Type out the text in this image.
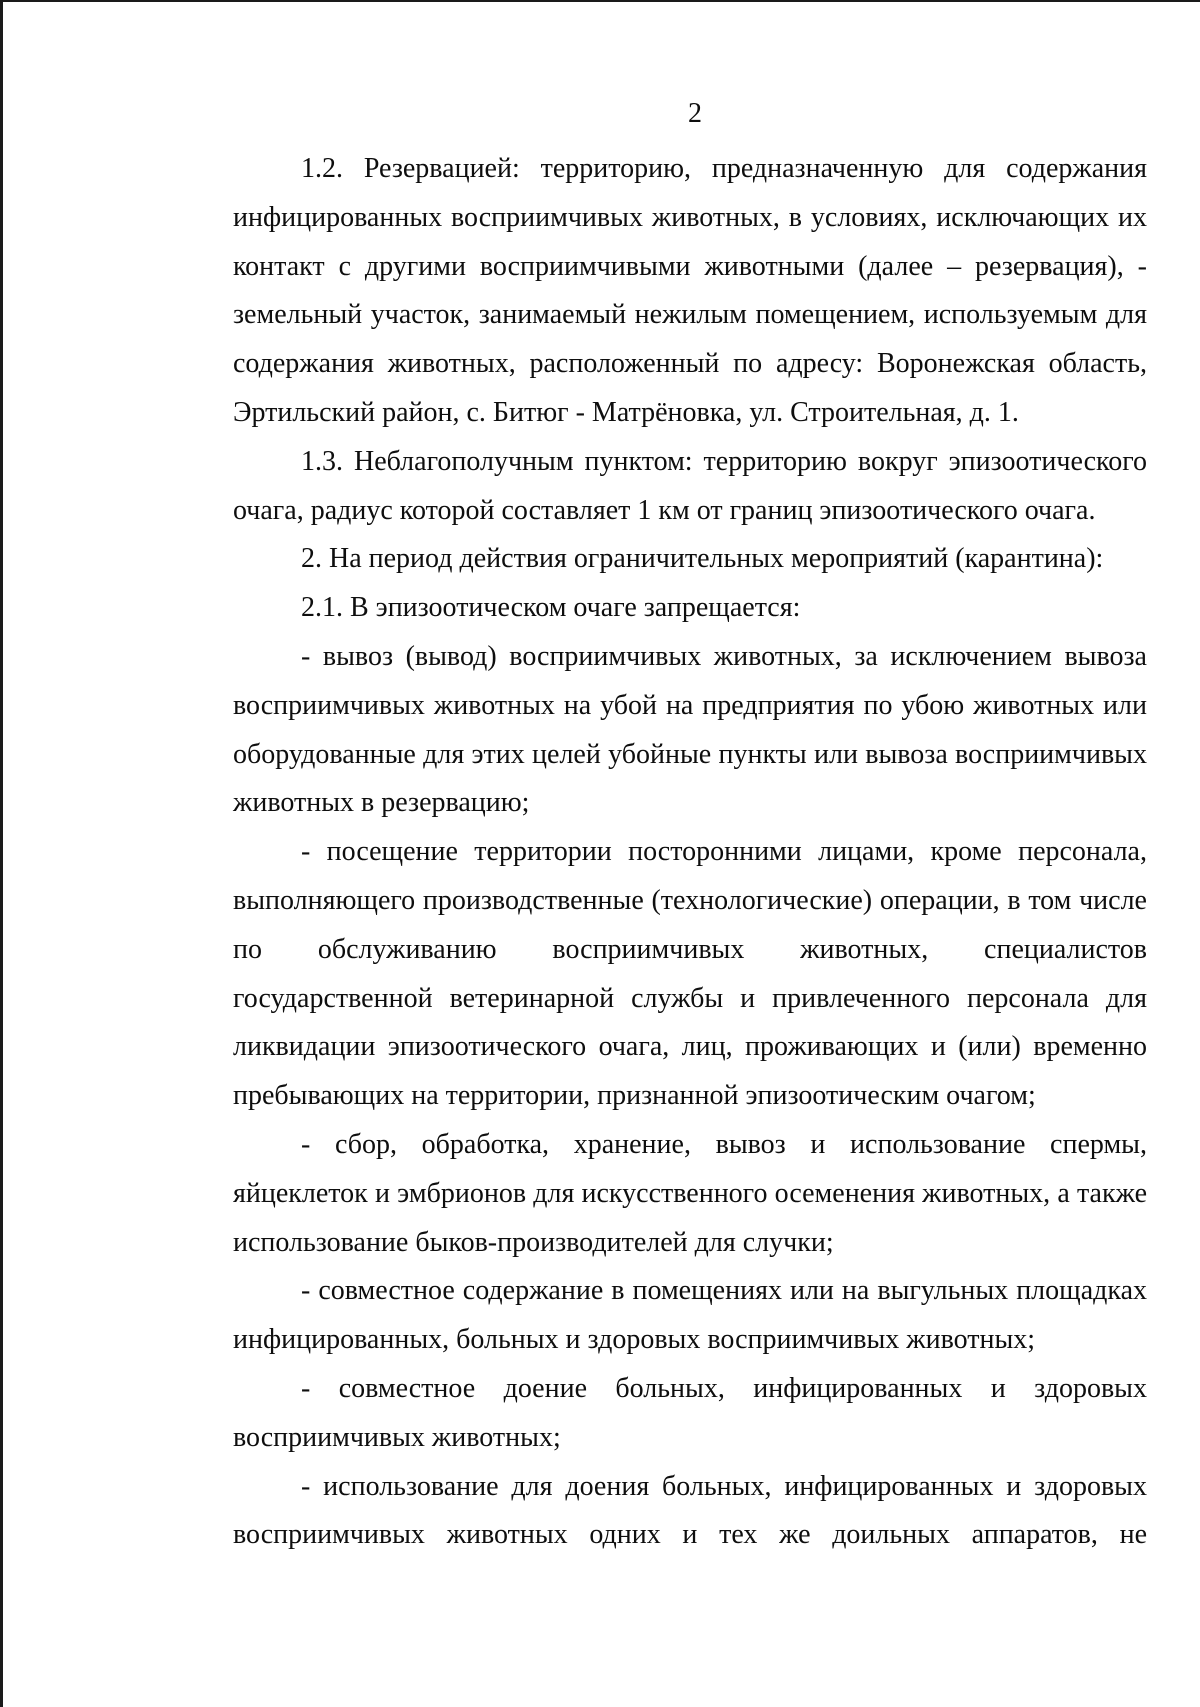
2

1.2. Резервацией: территорию, предназначенную для содержания инфицированных восприимчивых животных, в условиях, исключающих их контакт с другими восприимчивыми животными (далее – резервация), - земельный участок, занимаемый нежилым помещением, используемым для содержания животных, расположенный по адресу: Воронежская область, Эртильский район, с. Битюг - Матрёновка, ул. Строительная, д. 1.

1.3. Неблагополучным пунктом: территорию вокруг эпизоотического очага, радиус которой составляет 1 км от границ эпизоотического очага.

2. На период действия ограничительных мероприятий (карантина):

2.1. В эпизоотическом очаге запрещается:

- вывоз (вывод) восприимчивых животных, за исключением вывоза восприимчивых животных на убой на предприятия по убою животных или оборудованные для этих целей убойные пункты или вывоза восприимчивых животных в резервацию;

- посещение территории посторонними лицами, кроме персонала, выполняющего производственные (технологические) операции, в том числе по обслуживанию восприимчивых животных, специалистов государственной ветеринарной службы и привлеченного персонала для ликвидации эпизоотического очага, лиц, проживающих и (или) временно пребывающих на территории, признанной эпизоотическим очагом;

- сбор, обработка, хранение, вывоз и использование спермы, яйцеклеток и эмбрионов для искусственного осеменения животных, а также использование быков-производителей для случки;

- совместное содержание в помещениях или на выгульных площадках инфицированных, больных и здоровых восприимчивых животных;

- совместное доение больных, инфицированных и здоровых восприимчивых животных;

- использование для доения больных, инфицированных и здоровых восприимчивых животных одних и тех же доильных аппаратов, не
